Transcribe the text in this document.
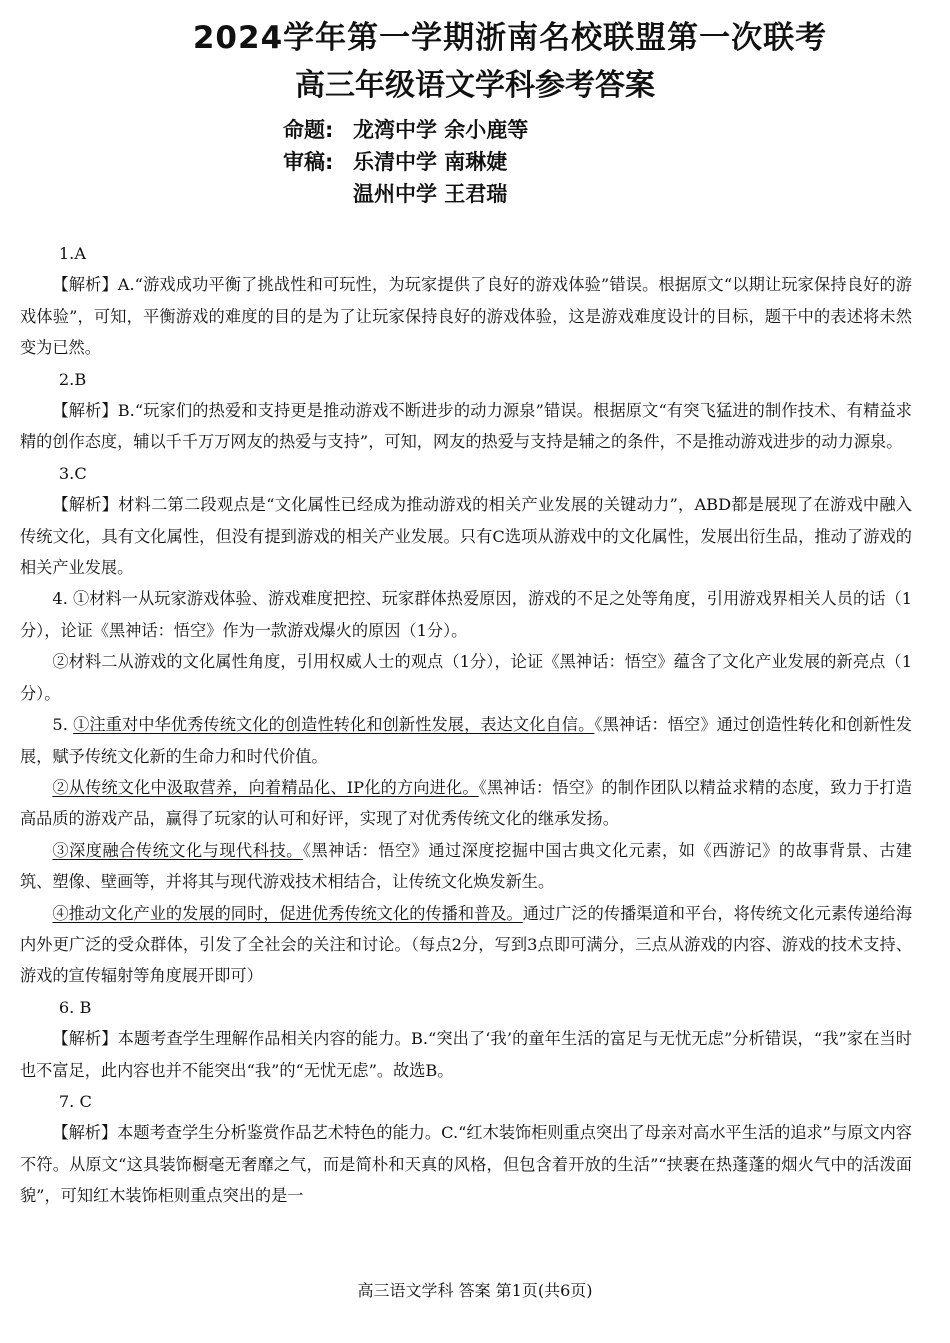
2024学年第一学期浙南名校联盟第一次联考
高三年级语文学科参考答案
命题: 龙湾中学 余小鹿等
审稿: 乐清中学 南琳婕
温州中学 王君瑞

1.A

【解析】A.“游戏成功平衡了挑战性和可玩性，为玩家提供了良好的游戏体验”错误。根据原文“以期让玩家保持良好的游戏体验”，可知，平衡游戏的难度的目的是为了让玩家保持良好的游戏体验，这是游戏难度设计的目标，题干中的表述将未然变为已然。

2.B

【解析】B.“玩家们的热爱和支持更是推动游戏不断进步的动力源泉”错误。根据原文“有突飞猛进的制作技术、有精益求精的创作态度，辅以千千万万网友的热爱与支持”，可知，网友的热爱与支持是辅之的条件，不是推动游戏进步的动力源泉。

3.C

【解析】材料二第二段观点是“文化属性已经成为推动游戏的相关产业发展的关键动力”，ABD都是展现了在游戏中融入传统文化，具有文化属性，但没有提到游戏的相关产业发展。只有C选项从游戏中的文化属性，发展出衍生品，推动了游戏的相关产业发展。

4. ①材料一从玩家游戏体验、游戏难度把控、玩家群体热爱原因，游戏的不足之处等角度，引用游戏界相关人员的话（1分），论证《黑神话：悟空》作为一款游戏爆火的原因（1分）。

②材料二从游戏的文化属性角度，引用权威人士的观点（1分），论证《黑神话：悟空》蕴含了文化产业发展的新亮点（1分）。

5. ①注重对中华优秀传统文化的创造性转化和创新性发展，表达文化自信。《黑神话：悟空》通过创造性转化和创新性发展，赋予传统文化新的生命力和时代价值。

②从传统文化中汲取营养，向着精品化、IP化的方向进化。《黑神话：悟空》的制作团队以精益求精的态度，致力于打造高品质的游戏产品，赢得了玩家的认可和好评，实现了对优秀传统文化的继承发扬。

③深度融合传统文化与现代科技。《黑神话：悟空》通过深度挖掘中国古典文化元素，如《西游记》的故事背景、古建筑、塑像、壁画等，并将其与现代游戏技术相结合，让传统文化焕发新生。

④推动文化产业的发展的同时，促进优秀传统文化的传播和普及。通过广泛的传播渠道和平台，将传统文化元素传递给海内外更广泛的受众群体，引发了全社会的关注和讨论。（每点2分，写到3点即可满分，三点从游戏的内容、游戏的技术支持、游戏的宣传辐射等角度展开即可）

6. B

【解析】本题考查学生理解作品相关内容的能力。B.“突出了‘我’的童年生活的富足与无忧无虑”分析错误，“我”家在当时也不富足，此内容也并不能突出“我”的“无忧无虑”。故选B。

7. C

【解析】本题考查学生分析鉴赏作品艺术特色的能力。C.“红木装饰柜则重点突出了母亲对高水平生活的追求”与原文内容不符。从原文“这具装饰橱毫无奢靡之气，而是简朴和天真的风格，但包含着开放的生活”“挟裹在热蓬蓬的烟火气中的活泼面貌”，可知红木装饰柜则重点突出的是一

高三语文学科 答案 第1页(共6页)
